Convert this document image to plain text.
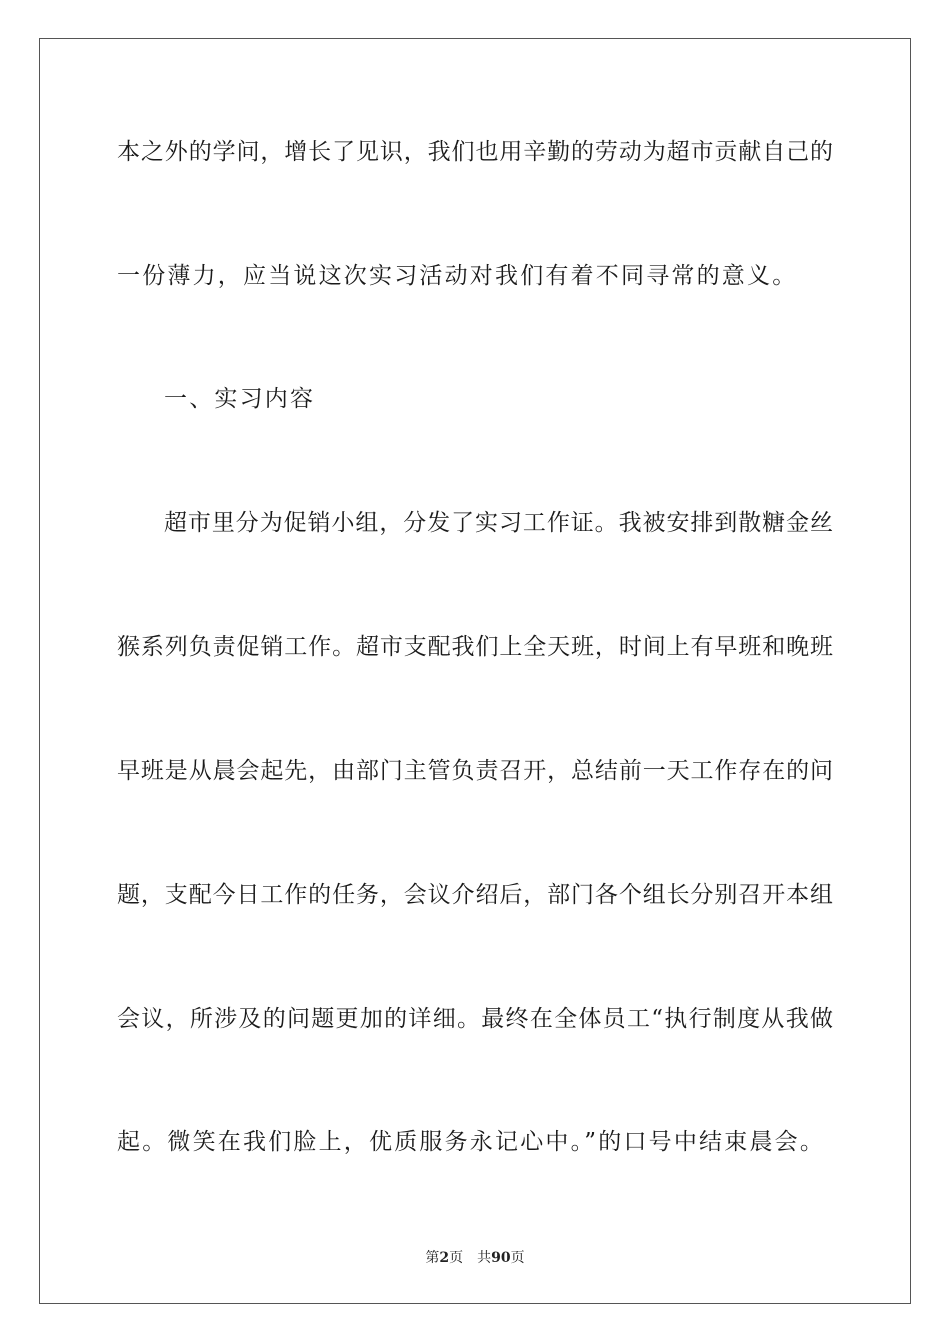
本之外的学问，增长了见识，我们也用辛勤的劳动为超市贡献自己的
一份薄力，应当说这次实习活动对我们有着不同寻常的意义。
一、实习内容
超市里分为促销小组，分发了实习工作证。我被安排到散糖金丝
猴系列负责促销工作。超市支配我们上全天班，时间上有早班和晚班
早班是从晨会起先，由部门主管负责召开，总结前一天工作存在的问
题，支配今日工作的任务，会议介绍后，部门各个组长分别召开本组
会议，所涉及的问题更加的详细。最终在全体员工“执行制度从我做
起。微笑在我们脸上，优质服务永记心中。”的口号中结束晨会。
第2页 共90页
